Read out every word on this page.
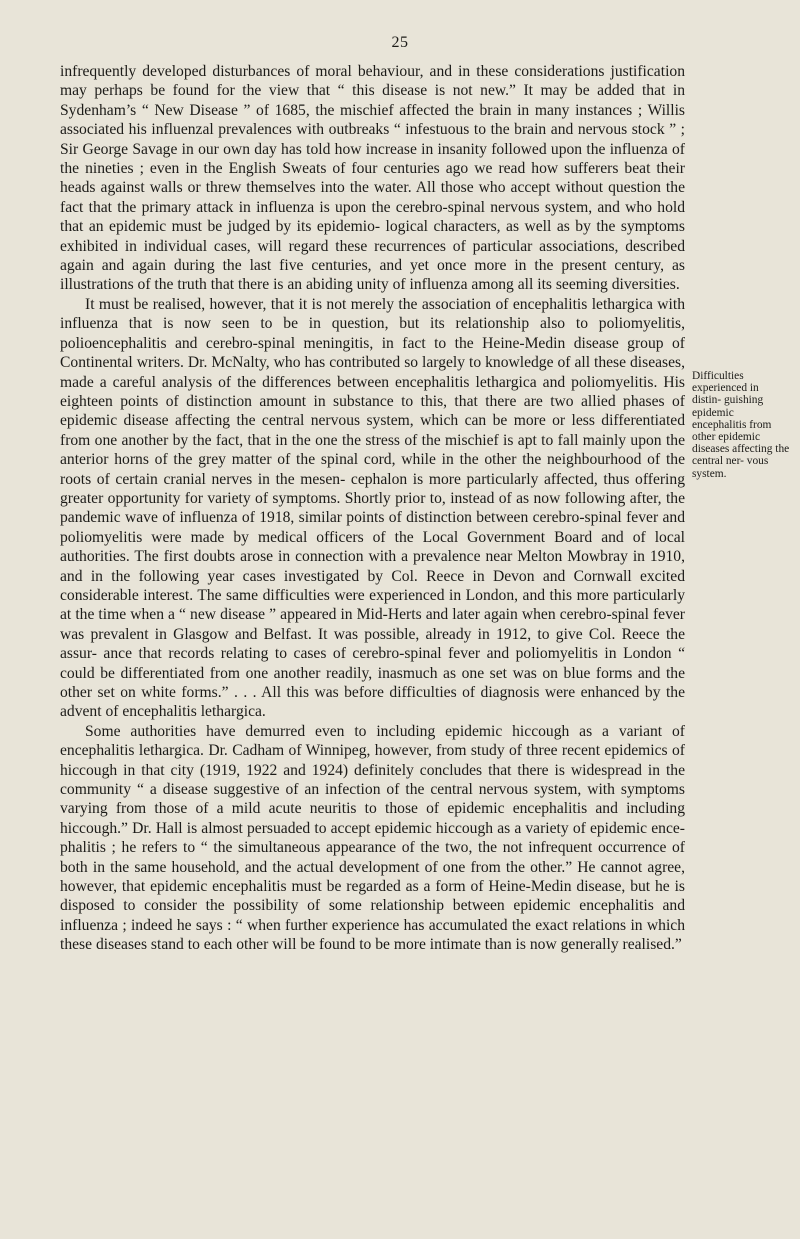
25

infrequently developed disturbances of moral behaviour, and in these considerations justification may perhaps be found for the view that “ this disease is not new.” It may be added that in Sydenham’s “ New Disease ” of 1685, the mischief affected the brain in many instances ; Willis associated his influenzal prevalences with outbreaks “ infestuous to the brain and nervous stock ” ; Sir George Savage in our own day has told how increase in insanity followed upon the influenza of the nineties ; even in the English Sweats of four centuries ago we read how sufferers beat their heads against walls or threw themselves into the water. All those who accept without question the fact that the primary attack in influenza is upon the cerebro-spinal nervous system, and who hold that an epidemic must be judged by its epidemio- logical characters, as well as by the symptoms exhibited in individual cases, will regard these recurrences of particular associations, described again and again during the last five centuries, and yet once more in the present century, as illustrations of the truth that there is an abiding unity of influenza among all its seeming diversities.

It must be realised, however, that it is not merely the association of encephalitis lethargica with influenza that is now seen to be in question, but its relationship also to poliomyelitis, polioencephalitis and cerebro-spinal meningitis, in fact to the Heine-Medin disease group of Continental writers. Dr. McNalty, who has contributed so largely to knowledge of all these diseases, made a careful analysis of the differences between encephalitis lethargica and poliomyelitis. His eighteen points of distinction amount in substance to this, that there are two allied phases of epidemic disease affecting the central nervous system, which can be more or less differentiated from one another by the fact, that in the one the stress of the mischief is apt to fall mainly upon the anterior horns of the grey matter of the spinal cord, while in the other the neighbourhood of the roots of certain cranial nerves in the mesen- cephalon is more particularly affected, thus offering greater opportunity for variety of symptoms. Shortly prior to, instead of as now following after, the pandemic wave of influenza of 1918, similar points of distinction between cerebro-spinal fever and poliomyelitis were made by medical officers of the Local Government Board and of local authorities. The first doubts arose in connection with a prevalence near Melton Mowbray in 1910, and in the following year cases investigated by Col. Reece in Devon and Cornwall excited considerable interest. The same difficulties were experienced in London, and this more particularly at the time when a “ new disease ” appeared in Mid-Herts and later again when cerebro-spinal fever was prevalent in Glasgow and Belfast. It was possible, already in 1912, to give Col. Reece the assur- ance that records relating to cases of cerebro-spinal fever and poliomyelitis in London “ could be differentiated from one another readily, inasmuch as one set was on blue forms and the other set on white forms.” . . . All this was before difficulties of diagnosis were enhanced by the advent of encephalitis lethargica.

Some authorities have demurred even to including epidemic hiccough as a variant of encephalitis lethargica. Dr. Cadham of Winnipeg, however, from study of three recent epidemics of hiccough in that city (1919, 1922 and 1924) definitely concludes that there is widespread in the community “ a disease suggestive of an infection of the central nervous system, with symptoms varying from those of a mild acute neuritis to those of epidemic encephalitis and including hiccough.” Dr. Hall is almost persuaded to accept epidemic hiccough as a variety of epidemic ence- phalitis ; he refers to “ the simultaneous appearance of the two, the not infrequent occurrence of both in the same household, and the actual development of one from the other.” He cannot agree, however, that epidemic encephalitis must be regarded as a form of Heine-Medin disease, but he is disposed to consider the possibility of some relationship between epidemic encephalitis and influenza ; indeed he says : “ when further experience has accumulated the exact relations in which these diseases stand to each other will be found to be more intimate than is now generally realised.”

Difficulties experienced in distin- guishing epidemic encephalitis from other epidemic diseases affecting the central ner- vous system.
